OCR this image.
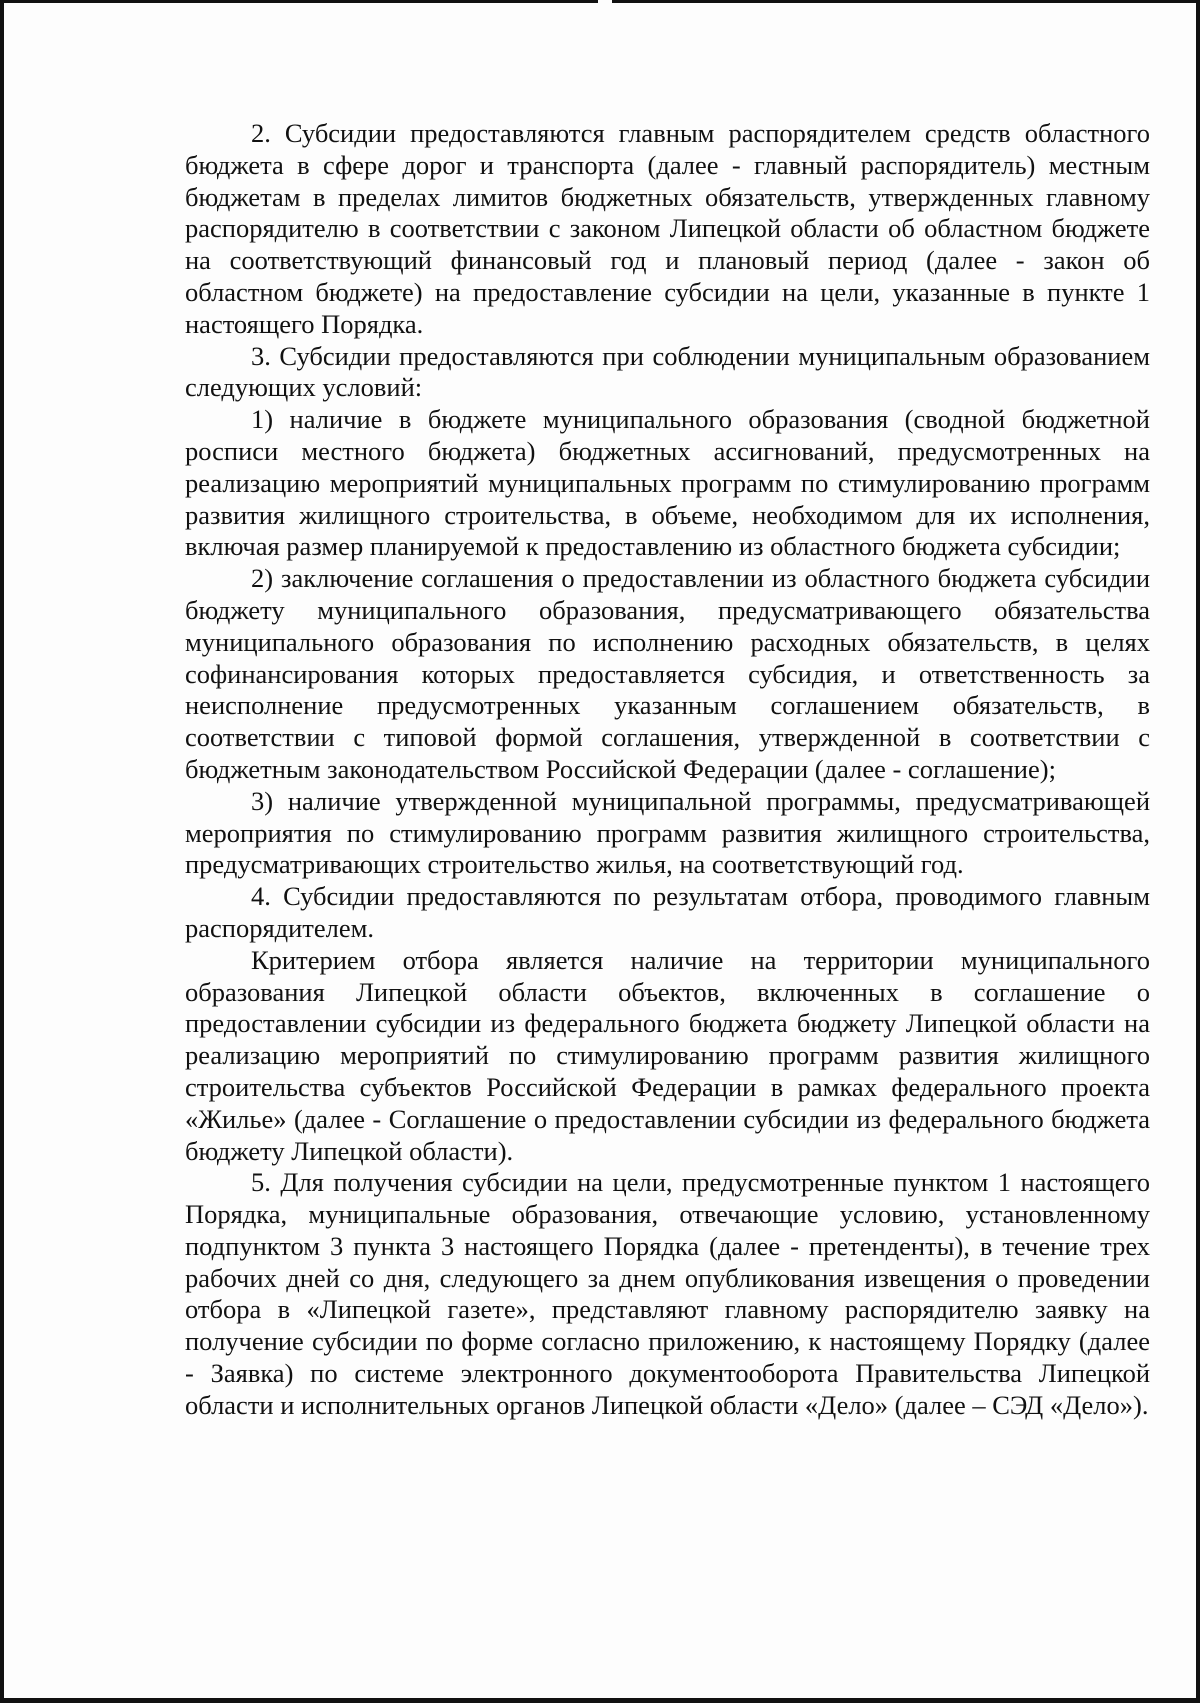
2. Субсидии предоставляются главным распорядителем средств областного бюджета в сфере дорог и транспорта (далее - главный распорядитель) местным бюджетам в пределах лимитов бюджетных обязательств, утвержденных главному распорядителю в соответствии с законом Липецкой области об областном бюджете на соответствующий финансовый год и плановый период (далее - закон об областном бюджете) на предоставление субсидии на цели, указанные в пункте 1 настоящего Порядка.

3. Субсидии предоставляются при соблюдении муниципальным образованием следующих условий:

1) наличие в бюджете муниципального образования (сводной бюджетной росписи местного бюджета) бюджетных ассигнований, предусмотренных на реализацию мероприятий муниципальных программ по стимулированию программ развития жилищного строительства, в объеме, необходимом для их исполнения, включая размер планируемой к предоставлению из областного бюджета субсидии;

2) заключение соглашения о предоставлении из областного бюджета субсидии бюджету муниципального образования, предусматривающего обязательства муниципального образования по исполнению расходных обязательств, в целях софинансирования которых предоставляется субсидия, и ответственность за неисполнение предусмотренных указанным соглашением обязательств, в соответствии с типовой формой соглашения, утвержденной в соответствии с бюджетным законодательством Российской Федерации (далее - соглашение);

3) наличие утвержденной муниципальной программы, предусматривающей мероприятия по стимулированию программ развития жилищного строительства, предусматривающих строительство жилья, на соответствующий год.

4. Субсидии предоставляются по результатам отбора, проводимого главным распорядителем.

Критерием отбора является наличие на территории муниципального образования Липецкой области объектов, включенных в соглашение о предоставлении субсидии из федерального бюджета бюджету Липецкой области на реализацию мероприятий по стимулированию программ развития жилищного строительства субъектов Российской Федерации в рамках федерального проекта «Жилье» (далее - Соглашение о предоставлении субсидии из федерального бюджета бюджету Липецкой области).

5. Для получения субсидии на цели, предусмотренные пунктом 1 настоящего Порядка, муниципальные образования, отвечающие условию, установленному подпунктом 3 пункта 3 настоящего Порядка (далее - претенденты), в течение трех рабочих дней со дня, следующего за днем опубликования извещения о проведении отбора в «Липецкой газете», представляют главному распорядителю заявку на получение субсидии по форме согласно приложению, к настоящему Порядку (далее - Заявка) по системе электронного документооборота Правительства Липецкой области и исполнительных органов Липецкой области «Дело» (далее – СЭД «Дело»).
